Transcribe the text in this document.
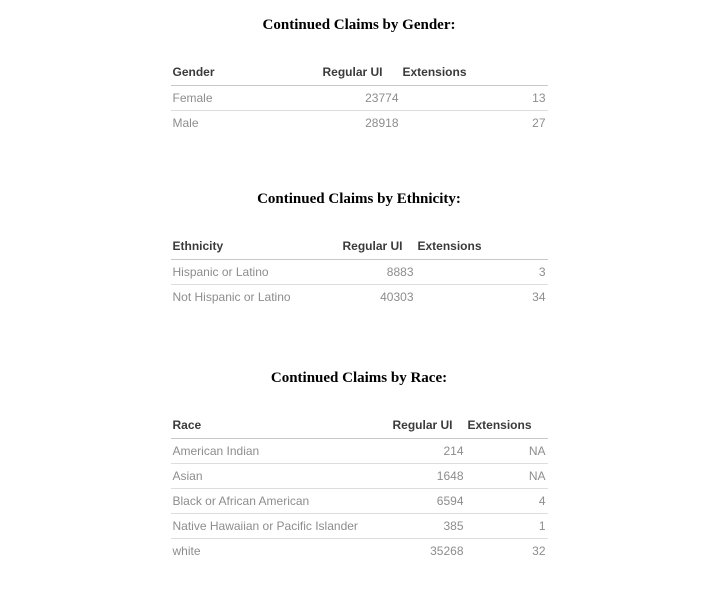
Continued Claims by Gender:
Gender	Regular UI	Extensions
Female	23774	13
Male	28918	27
Continued Claims by Ethnicity:
Ethnicity	Regular UI	Extensions
Hispanic or Latino	8883	3
Not Hispanic or Latino	40303	34
Continued Claims by Race:
Race	Regular UI	Extensions
American Indian	214	NA
Asian	1648	NA
Black or African American	6594	4
Native Hawaiian or Pacific Islander	385	1
white	35268	32
